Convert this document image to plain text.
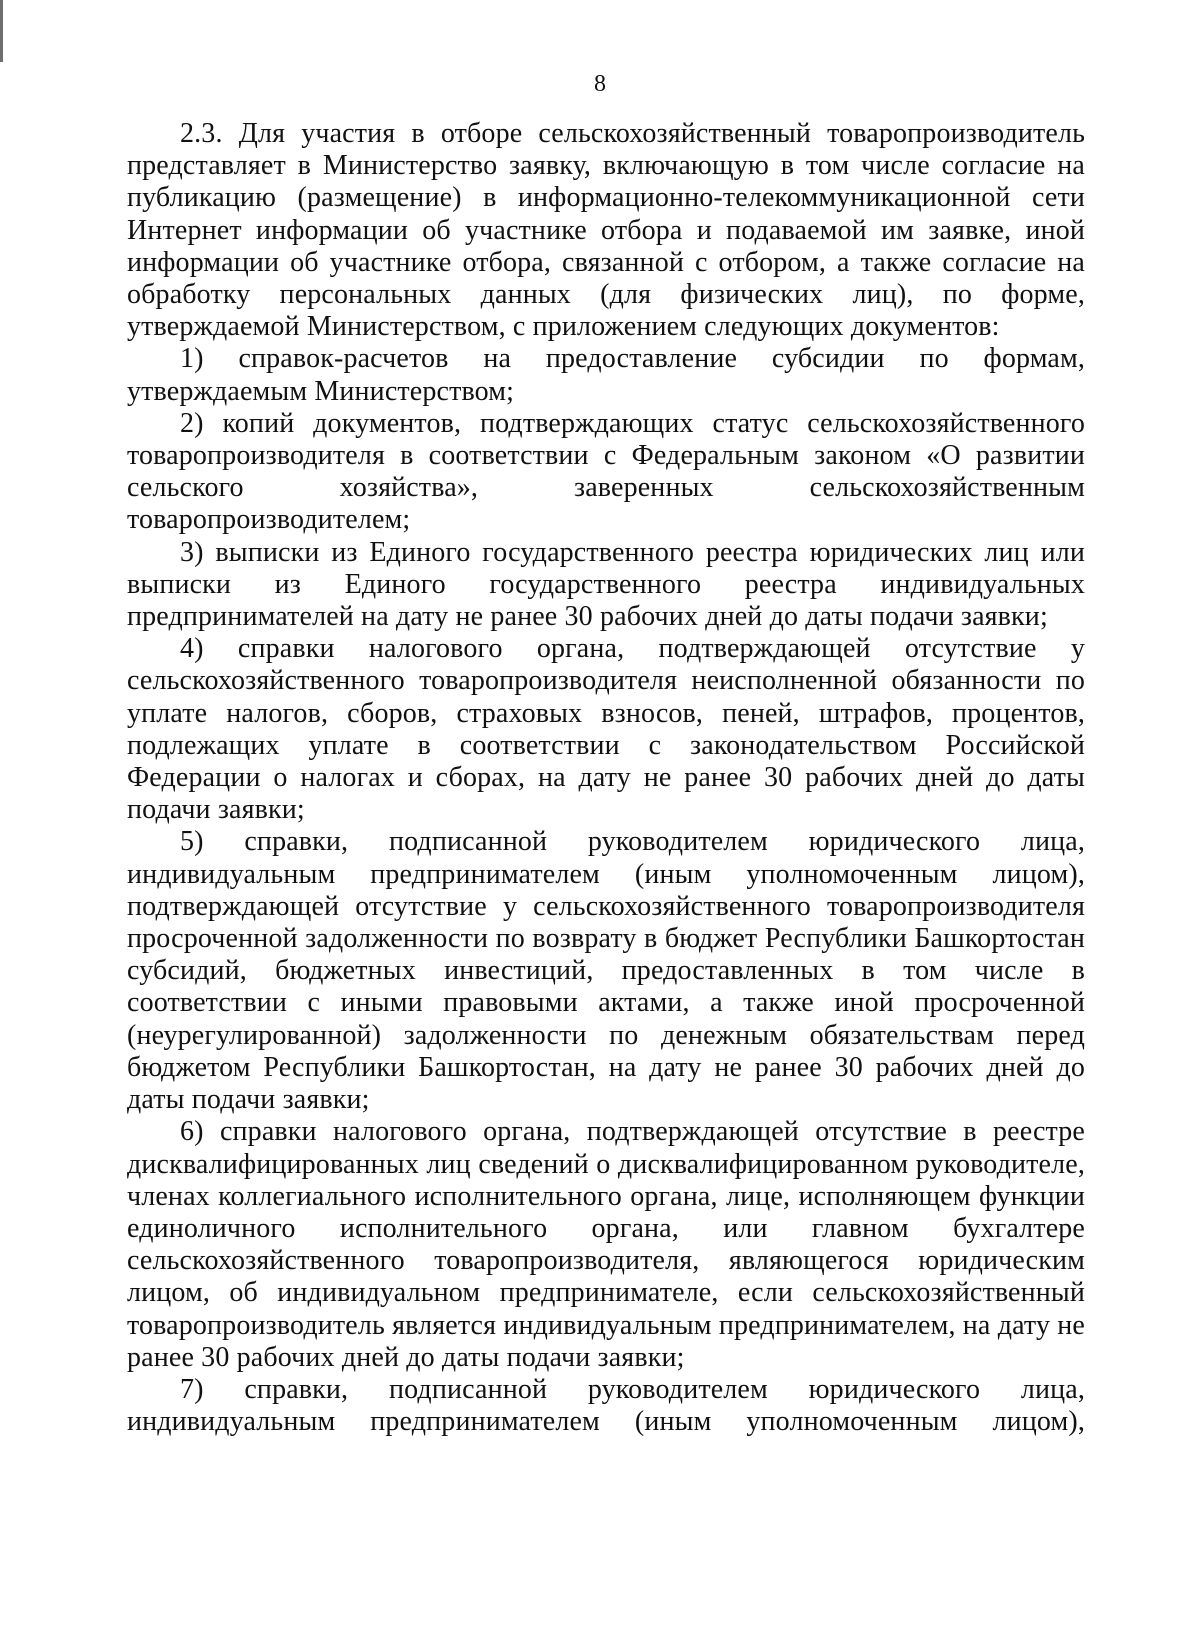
8

2.3. Для участия в отборе сельскохозяйственный товаропроизводитель представляет в Министерство заявку, включающую в том числе согласие на публикацию (размещение) в информационно-телекоммуникационной сети Интернет информации об участнике отбора и подаваемой им заявке, иной информации об участнике отбора, связанной с отбором, а также согласие на обработку персональных данных (для физических лиц), по форме, утверждаемой Министерством, с приложением следующих документов:

1) справок-расчетов на предоставление субсидии по формам, утверждаемым Министерством;

2) копий документов, подтверждающих статус сельскохозяйственного товаропроизводителя в соответствии с Федеральным законом «О развитии сельского хозяйства», заверенных сельскохозяйственным товаропроизводителем;

3) выписки из Единого государственного реестра юридических лиц или выписки из Единого государственного реестра индивидуальных предпринимателей на дату не ранее 30 рабочих дней до даты подачи заявки;

4) справки налогового органа, подтверждающей отсутствие у сельскохозяйственного товаропроизводителя неисполненной обязанности по уплате налогов, сборов, страховых взносов, пеней, штрафов, процентов, подлежащих уплате в соответствии с законодательством Российской Федерации о налогах и сборах, на дату не ранее 30 рабочих дней до даты подачи заявки;

5) справки, подписанной руководителем юридического лица, индивидуальным предпринимателем (иным уполномоченным лицом), подтверждающей отсутствие у сельскохозяйственного товаропроизводителя просроченной задолженности по возврату в бюджет Республики Башкортостан субсидий, бюджетных инвестиций, предоставленных в том числе в соответствии с иными правовыми актами, а также иной просроченной (неурегулированной) задолженности по денежным обязательствам перед бюджетом Республики Башкортостан, на дату не ранее 30 рабочих дней до даты подачи заявки;

6) справки налогового органа, подтверждающей отсутствие в реестре дисквалифицированных лиц сведений о дисквалифицированном руководителе, членах коллегиального исполнительного органа, лице, исполняющем функции единоличного исполнительного органа, или главном бухгалтере сельскохозяйственного товаропроизводителя, являющегося юридическим лицом, об индивидуальном предпринимателе, если сельскохозяйственный товаропроизводитель является индивидуальным предпринимателем, на дату не ранее 30 рабочих дней до даты подачи заявки;

7) справки, подписанной руководителем юридического лица, индивидуальным предпринимателем (иным уполномоченным лицом),
